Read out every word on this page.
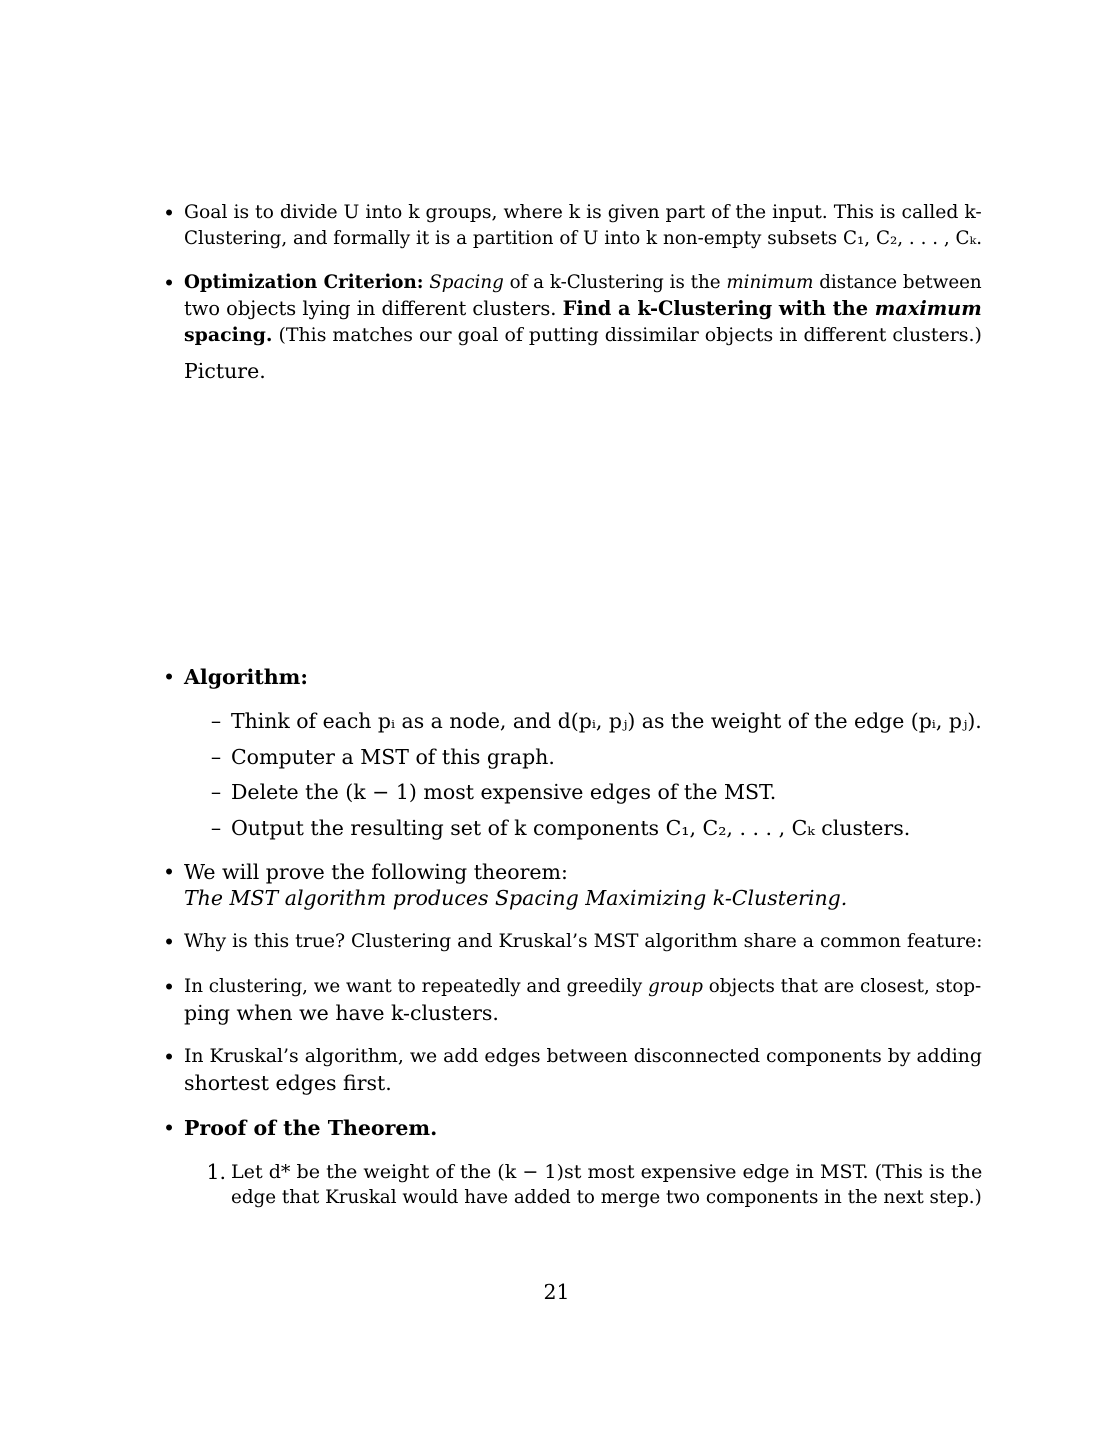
• Goal is to divide U into k groups, where k is given part of the input. This is called k-
Clustering, and formally it is a partition of U into k non-empty subsets C₁, C₂, . . . , Cₖ.
• Optimization Criterion: Spacing of a k-Clustering is the minimum distance between
two objects lying in different clusters. Find a k-Clustering with the maximum
spacing. (This matches our goal of putting dissimilar objects in different clusters.)
Picture.
• Algorithm:
– Think of each pᵢ as a node, and d(pᵢ, pⱼ) as the weight of the edge (pᵢ, pⱼ).
– Computer a MST of this graph.
– Delete the (k − 1) most expensive edges of the MST.
– Output the resulting set of k components C₁, C₂, . . . , Cₖ clusters.
• We will prove the following theorem:
The MST algorithm produces Spacing Maximizing k-Clustering.
• Why is this true? Clustering and Kruskal’s MST algorithm share a common feature:
• In clustering, we want to repeatedly and greedily group objects that are closest, stop-
ping when we have k-clusters.
• In Kruskal’s algorithm, we add edges between disconnected components by adding
shortest edges first.
• Proof of the Theorem.
1. Let d* be the weight of the (k − 1)st most expensive edge in MST. (This is the
edge that Kruskal would have added to merge two components in the next step.)
21
